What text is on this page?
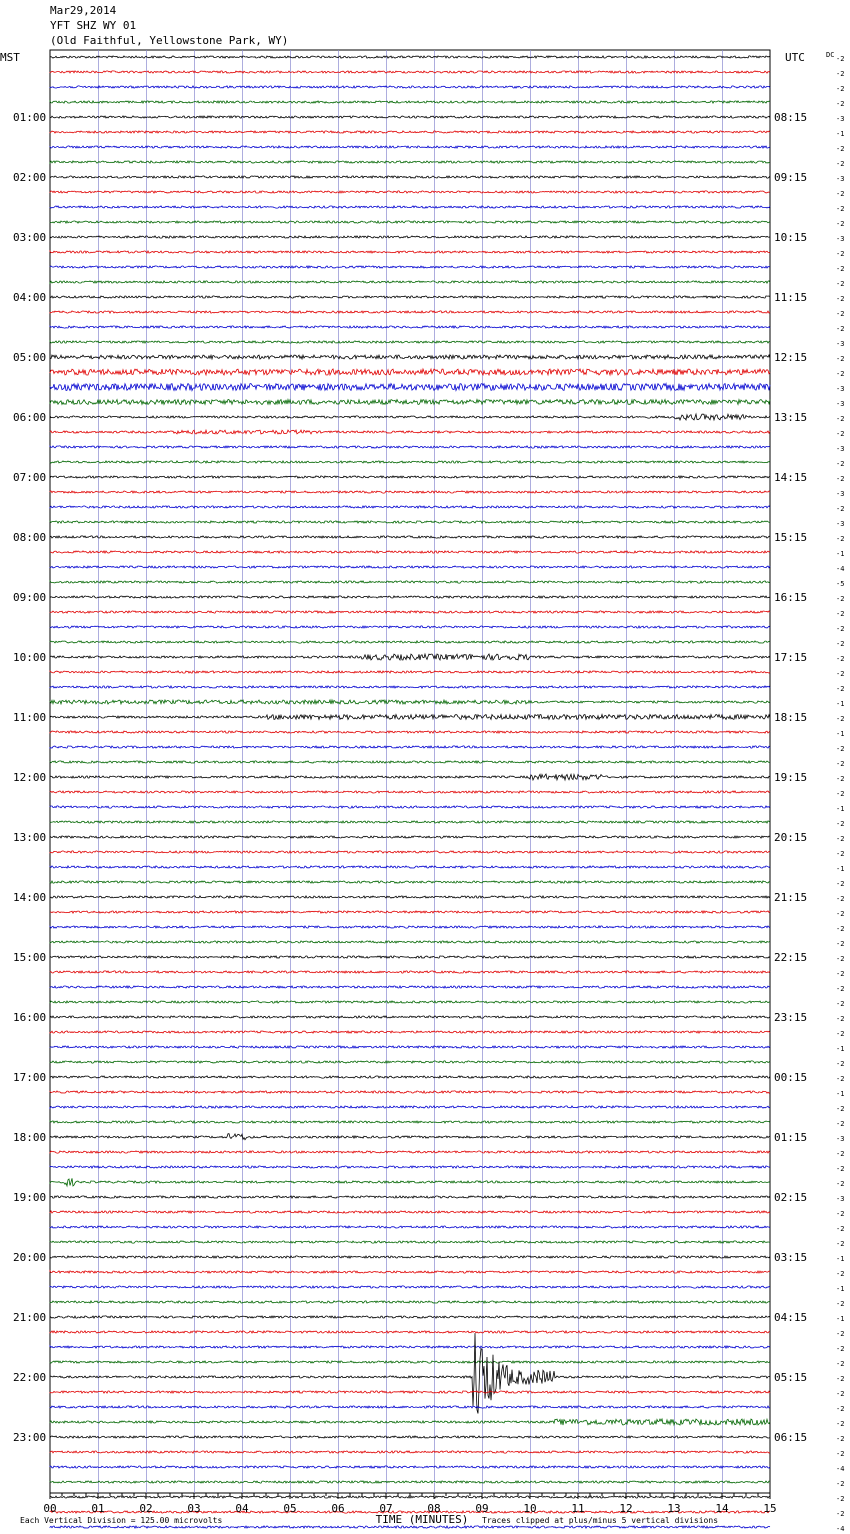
Mar29,2014
YFT SHZ WY 01
(Old Faithful, Yellowstone Park, WY)
-2
-2
-2
-2
-3
-1
-2
-2
-3
-2
-2
-2
-3
-2
-2
-2
-2
-2
-2
-3
-2
-2
-3
-3
-2
-2
-3
-2
-2
-3
-2
-3
-2
-1
-4
-5
-2
-2
-2
-2
-2
-2
-2
-1
-2
-1
-2
-2
-2
-2
-1
-2
-2
-2
-1
-2
-2
-2
-2
-2
-2
-2
-2
-2
-2
-2
-1
-2
-2
-1
-2
-2
-3
-2
-2
-2
-3
-2
-2
-2
-1
-2
-1
-2
-1
-2
-2
-2
-2
-2
-2
-2
-2
-2
-4
-2
-2
-2
-4
MST	UTC	DC
01:00
02:00
03:00
04:00
05:00
06:00
07:00
08:00
09:00
10:00
11:00
12:00
13:00
14:00
15:00
16:00
17:00
18:00
19:00
20:00
21:00
22:00
23:00
08:15
09:15
10:15
11:15
12:15
13:15
14:15
15:15
16:15
17:15
18:15
19:15
20:15
21:15
22:15
23:15
00:15
01:15
02:15
03:15
04:15
05:15
06:15
00	01	02	03	04	05	06	07	08	09	10	11	12	13	14	15
Each Vertical Division = 125.00 microvolts	TIME (MINUTES) Traces clipped at plus/minus 5 vertical divisions
